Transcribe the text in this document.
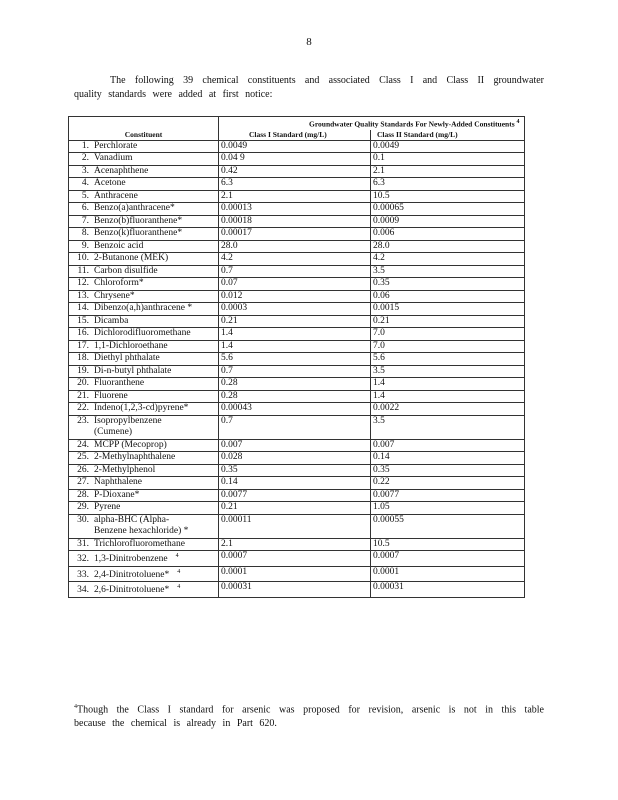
8

The following 39 chemical constituents and associated Class I and Class II groundwater quality standards were added at first notice:

	Groundwater Quality Standards For Newly-Added Constituents $^4$
Constituent	Class I Standard (mg/L)	Class II Standard (mg/L)
1. Perchlorate	0.0049	0.0049
2. Vanadium	0.04 9	0.1
3. Acenaphthene	0.42	2.1
4. Acetone	6.3	6.3
5. Anthracene	2.1	10.5
6. Benzo(a)anthracene*	0.00013	0.00065
7. Benzo(b)fluoranthene*	0.00018	0.0009
8. Benzo(k)fluoranthene*	0.00017	0.006
9. Benzoic acid	28.0	28.0
10. 2-Butanone (MEK)	4.2	4.2
11. Carbon disulfide	0.7	3.5
12. Chloroform*	0.07	0.35
13. Chrysene*	0.012	0.06
14. Dibenzo(a,h)anthracene *	0.0003	0.0015
15. Dicamba	0.21	0.21
16. Dichlorodifluoromethane	1.4	7.0
17. 1,1-Dichloroethane	1.4	7.0
18. Diethyl phthalate	5.6	5.6
19. Di-n-butyl phthalate	0.7	3.5
20. Fluoranthene	0.28	1.4
21. Fluorene	0.28	1.4
22. Indeno(1,2,3-cd)pyrene*	0.00043	0.0022
23. Isopropylbenzene
(Cumene)	0.7	3.5
24. MCPP (Mecoprop)	0.007	0.007
25. 2-Methylnaphthalene	0.028	0.14
26. 2-Methylphenol	0.35	0.35
27. Naphthalene	0.14	0.22
28. P-Dioxane*	0.0077	0.0077
29. Pyrene	0.21	1.05
30. alpha-BHC (Alpha-
Benzene hexachloride) *	0.00011	0.00055
31. Trichlorofluoromethane	2.1	10.5
32. 1,3-Dinitrobenzene $^4$	0.0007	0.0007
33. 2,4-Dinitrotoluene* $^4$	0.0001	0.0001
34. 2,6-Dinitrotoluene* $^4$	0.00031	0.00031

$^4$Though the Class I standard for arsenic was proposed for revision, arsenic is not in this table because the chemical is already in Part 620.
